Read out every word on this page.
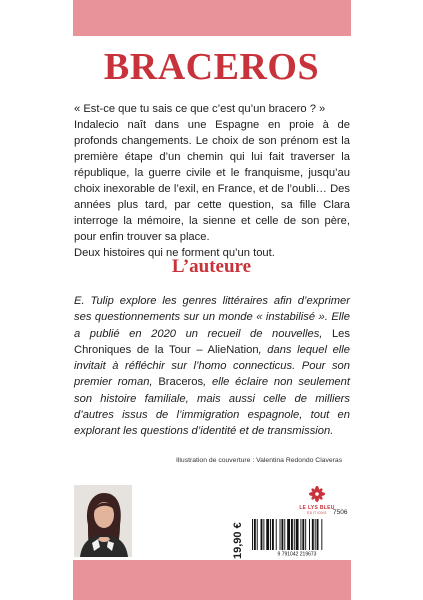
BRACEROS
« Est-ce que tu sais ce que c’est qu’un bracero ? »
Indalecio naît dans une Espagne en proie à de profonds changements. Le choix de son prénom est la première étape d’un chemin qui lui fait traverser la république, la guerre civile et le franquisme, jusqu’au choix inexorable de l’exil, en France, et de l’oubli… Des années plus tard, par cette question, sa fille Clara interroge la mémoire, la sienne et celle de son père, pour enfin trouver sa place.
Deux histoires qui ne forment qu’un tout.
L’auteure

E. Tulip explore les genres littéraires afin d’exprimer ses questionnements sur un monde « instabilisé ». Elle a publié en 2020 un recueil de nouvelles, Les Chroniques de la Tour – AlieNation, dans lequel elle invitait à réfléchir sur l’homo connecticus. Pour son premier roman, Braceros, elle éclaire non seulement son histoire familiale, mais aussi celle de milliers d’autres issus de l’immigration espagnole, tout en explorant les questions d’identité et de transmission.

Illustration de couverture : Valentina Redondo Claveras
LE LYS BLEU
ÉDITIONS 7506
19,90 €	9 791042 219673
